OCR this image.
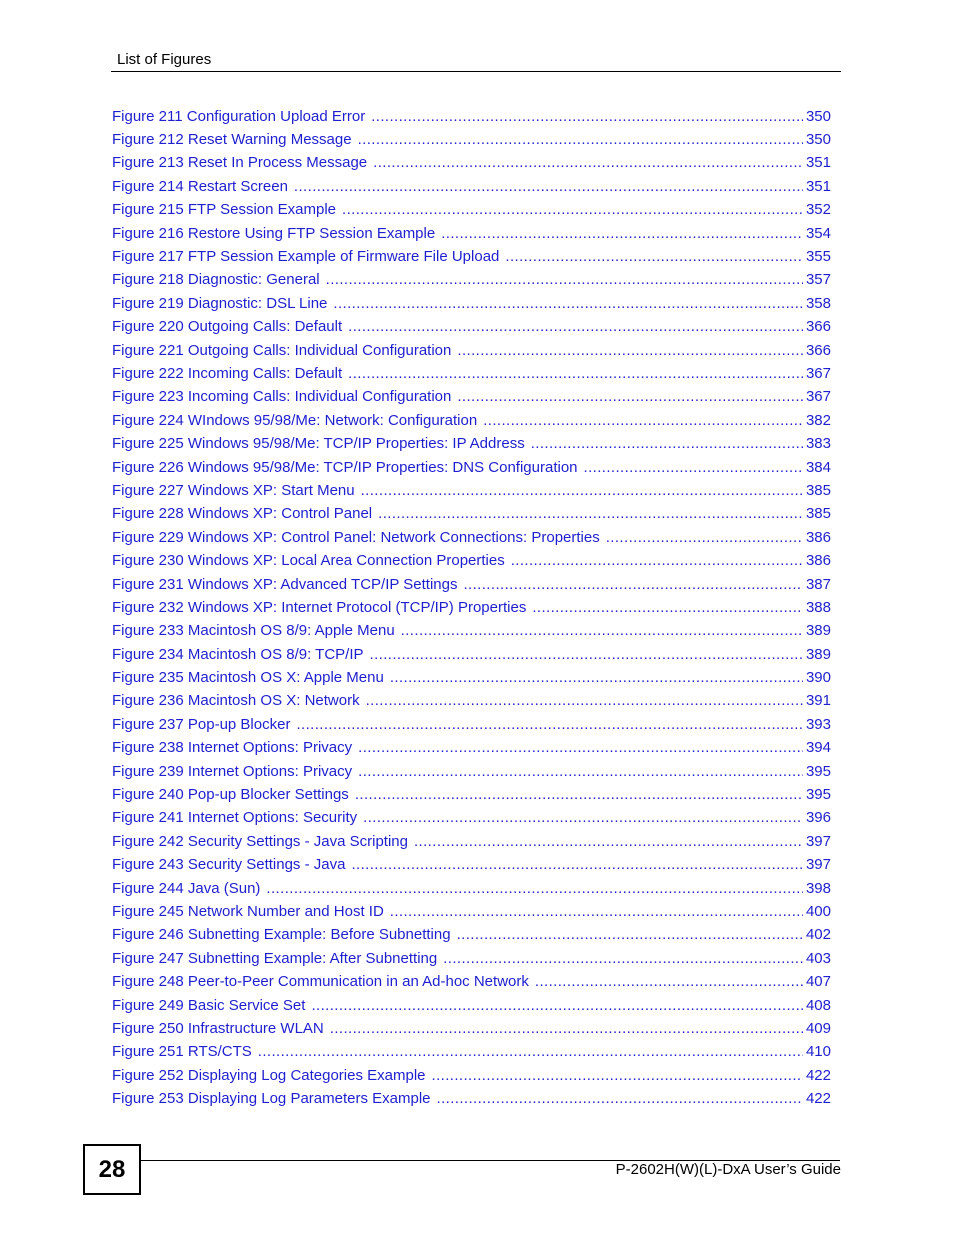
List of Figures
Figure 211 Configuration Upload Error .....	350
Figure 212 Reset Warning Message .....	350
Figure 213 Reset In Process Message .....	351
Figure 214 Restart Screen .....	351
Figure 215 FTP Session Example .....	352
Figure 216 Restore Using FTP Session Example .....	354
Figure 217 FTP Session Example of Firmware File Upload .....	355
Figure 218 Diagnostic: General .....	357
Figure 219 Diagnostic: DSL Line .....	358
Figure 220 Outgoing Calls: Default .....	366
Figure 221 Outgoing Calls: Individual Configuration .....	366
Figure 222 Incoming Calls: Default .....	367
Figure 223 Incoming Calls: Individual Configuration .....	367
Figure 224 WIndows 95/98/Me: Network: Configuration .....	382
Figure 225 Windows 95/98/Me: TCP/IP Properties: IP Address .....	383
Figure 226 Windows 95/98/Me: TCP/IP Properties: DNS Configuration .....	384
Figure 227 Windows XP: Start Menu .....	385
Figure 228 Windows XP: Control Panel .....	385
Figure 229 Windows XP: Control Panel: Network Connections: Properties .....	386
Figure 230 Windows XP: Local Area Connection Properties .....	386
Figure 231 Windows XP: Advanced TCP/IP Settings .....	387
Figure 232 Windows XP: Internet Protocol (TCP/IP) Properties .....	388
Figure 233 Macintosh OS 8/9: Apple Menu .....	389
Figure 234 Macintosh OS 8/9: TCP/IP .....	389
Figure 235 Macintosh OS X: Apple Menu .....	390
Figure 236 Macintosh OS X: Network .....	391
Figure 237 Pop-up Blocker .....	393
Figure 238 Internet Options: Privacy .....	394
Figure 239 Internet Options: Privacy .....	395
Figure 240 Pop-up Blocker Settings .....	395
Figure 241 Internet Options: Security .....	396
Figure 242 Security Settings - Java Scripting .....	397
Figure 243 Security Settings - Java .....	397
Figure 244 Java (Sun) .....	398
Figure 245 Network Number and Host ID .....	400
Figure 246 Subnetting Example: Before Subnetting .....	402
Figure 247 Subnetting Example: After Subnetting .....	403
Figure 248 Peer-to-Peer Communication in an Ad-hoc Network .....	407
Figure 249 Basic Service Set .....	408
Figure 250 Infrastructure WLAN .....	409
Figure 251 RTS/CTS .....	410
Figure 252 Displaying Log Categories Example .....	422
Figure 253 Displaying Log Parameters Example .....	422
28	P-2602H(W)(L)-DxA User’s Guide
